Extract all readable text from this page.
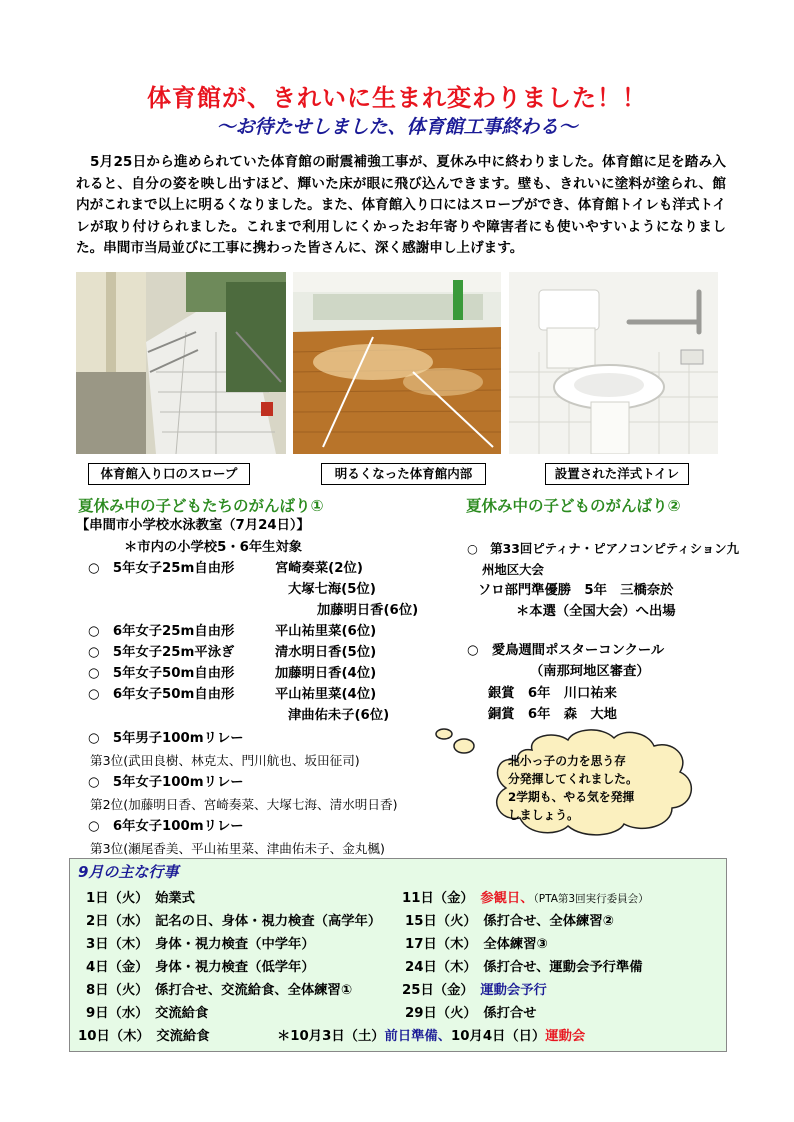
体育館が、きれいに生まれ変わりました！！
～お待たせしました、体育館工事終わる～
5月25日から進められていた体育館の耐震補強工事が、夏休み中に終わりました。体育館に足を踏み入れると、自分の姿を映し出すほど、輝いた床が眼に飛び込んできます。壁も、きれいに塗料が塗られ、館内がこれまで以上に明るくなりました。また、体育館入り口にはスロープができ、体育館トイレも洋式トイレが取り付けられました。これまで利用しにくかったお年寄りや障害者にも使いやすいようになりました。串間市当局並びに工事に携わった皆さんに、深く感謝申し上げます。
体育館入り口のスロープ	明るくなった体育館内部	設置された洋式トイレ
夏休み中の子どもたちのがんばり①
【串間市小学校水泳教室（7月24日）】
＊市内の小学校5・6年生対象
○　5年女子25m自由形	宮崎奏菜(2位)
大塚七海(5位)
加藤明日香(6位)
○　6年女子25m自由形	平山祐里菜(6位)
○　5年女子25m平泳ぎ	清水明日香(5位)
○　5年女子50m自由形	加藤明日香(4位)
○　6年女子50m自由形	平山祐里菜(4位)
津曲佑未子(6位)
○　5年男子100mリレー
第3位(武田良樹、林克太、門川航也、坂田征司)
○　5年女子100mリレー
第2位(加藤明日香、宮崎奏菜、大塚七海、清水明日香)
○　6年女子100mリレー
第3位(瀬尾香美、平山祐里菜、津曲佑未子、金丸楓)
夏休み中の子どものがんばり②
○　第33回ピティナ・ピアノコンピティション九
州地区大会
ソロ部門準優勝　5年　三橋奈於
＊本選（全国大会）へ出場
○　愛鳥週間ポスターコンクール
（南那珂地区審査）
銀賞　6年　川口祐来
銅賞　6年　森　大地
北小っ子の力を思う存
分発揮してくれました。
2学期も、やる気を発揮
しましょう。
9月の主な行事
1日（火）　 始業式
2日（水）　 記名の日、身体・視力検査（高学年）
3日（木）　 身体・視力検査（中学年）
4日（金）　 身体・視力検査（低学年）
8日（火）　 係打合せ、交流給食、全体練習①
9日（水）　 交流給食
10日（木）　 交流給食
11日（金）　 参観日、（PTA第3回実行委員会）
15日（火）　 係打合せ、全体練習②
17日（木）　 全体練習③
24日（木）　 係打合せ、運動会予行準備
25日（金）　 運動会予行
29日（火）　 係打合せ
＊10月3日（土）前日準備、10月4日（日）運動会
